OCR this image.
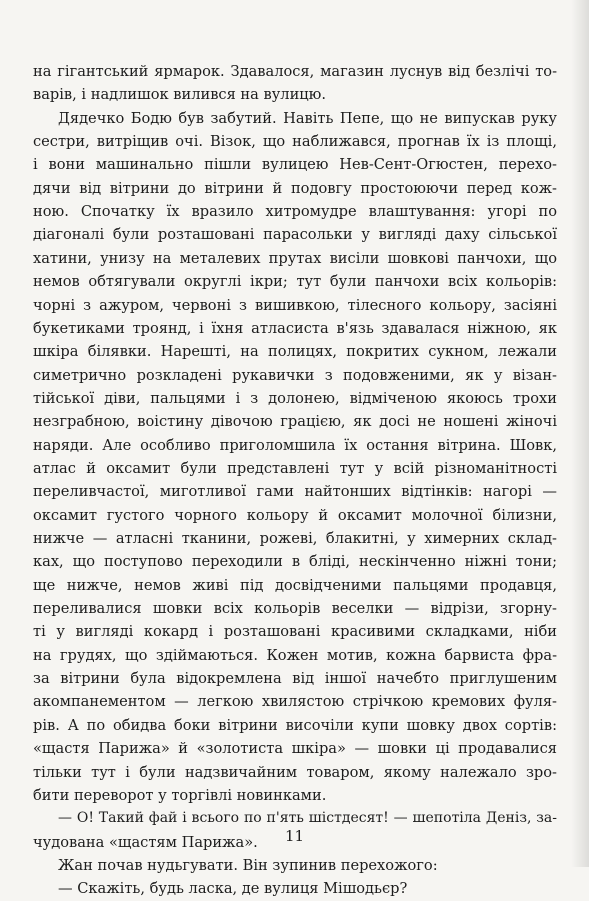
на гігантський ярмарок. Здавалося, магазин луснув від безлічі то-
варів, і надлишок вилився на вулицю.
Дядечко Бодю був забутий. Навіть Пепе, що не випускав руку
сестри, витріщив очі. Візок, що наближався, прогнав їх із площі,
і вони машинально пішли вулицею Нев-Сент-Огюстен, перехо-
дячи від вітрини до вітрини й подовгу простоюючи перед кож-
ною. Спочатку їх вразило хитромудре влаштування: угорі по
діагоналі були розташовані парасольки у вигляді даху сільської
хатини, унизу на металевих прутах висіли шовкові панчохи, що
немов обтягували округлі ікри; тут були панчохи всіх кольорів:
чорні з ажуром, червоні з вишивкою, тілесного кольору, засіяні
букетиками троянд, і їхня атласиста в'язь здавалася ніжною, як
шкіра білявки. Нарешті, на полицях, покритих сукном, лежали
симетрично розкладені рукавички з подовженими, як у візан-
тійської діви, пальцями і з долонею, відміченою якоюсь трохи
незграбною, воістину дівочою грацією, як досі не ношені жіночі
наряди. Але особливо приголомшила їх остання вітрина. Шовк,
атлас й оксамит були представлені тут у всій різноманітності
переливчастої, миготливої гами найтонших відтінків: нагорі —
оксамит густого чорного кольору й оксамит молочної білизни,
нижче — атласні тканини, рожеві, блакитні, у химерних склад-
ках, що поступово переходили в бліді, нескінченно ніжні тони;
ще нижче, немов живі під досвідченими пальцями продавця,
переливалися шовки всіх кольорів веселки — відрізи, згорну-
ті у вигляді кокард і розташовані красивими складками, ніби
на грудях, що здіймаються. Кожен мотив, кожна барвиста фра-
за вітрини була відокремлена від іншої начебто приглушеним
акомпанементом — легкою хвилястою стрічкою кремових фуля-
рів. А по обидва боки вітрини височіли купи шовку двох сортів:
«щастя Парижа» й «золотиста шкіра» — шовки ці продавалися
тільки тут і були надзвичайним товаром, якому належало зро-
бити переворот у торгівлі новинками.
— О! Такий фай і всього по п'ять шістдесят! — шепотіла Деніз, за-
чудована «щастям Парижа».
Жан почав нудьгувати. Він зупинив перехожого:
— Скажіть, будь ласка, де вулиця Мішодьєр?
11
